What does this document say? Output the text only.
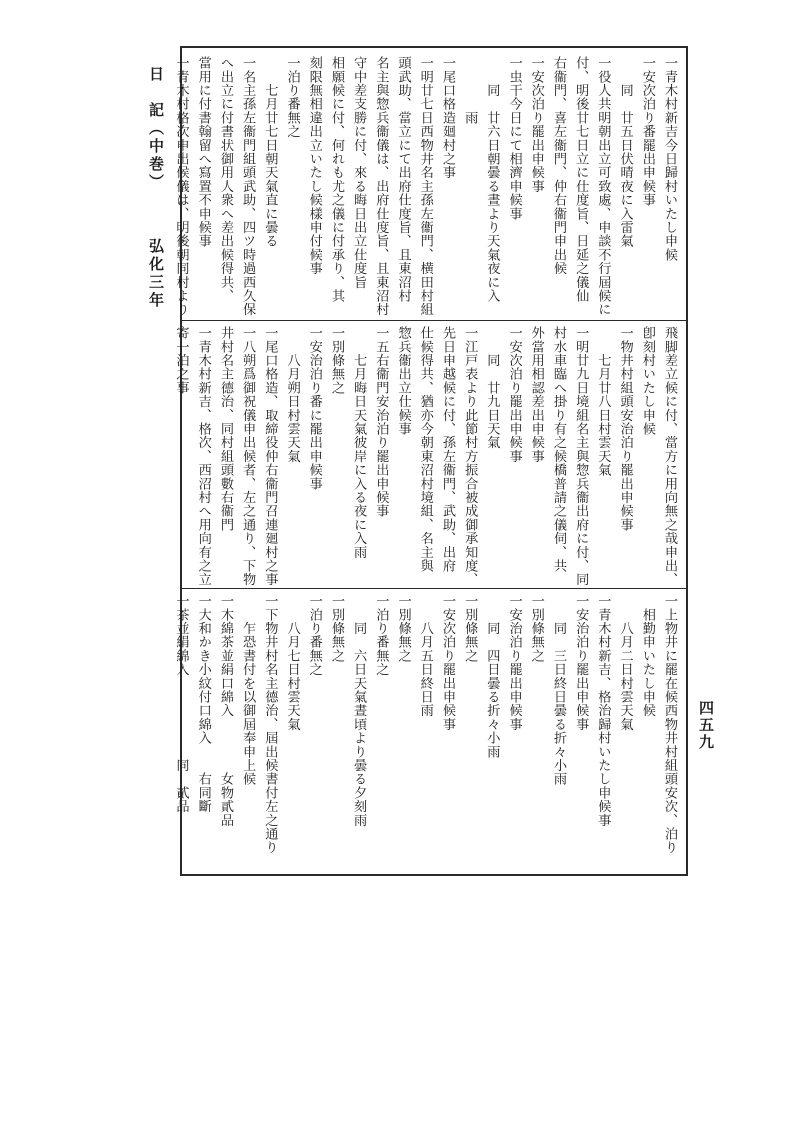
日　記（中巻）  弘化三年
四五九
一青木村新吉今日歸村いたし申候
一安次泊り番罷出申候事
　　同　廿五日伏晴夜に入雷氣
一役人共明朝出立可致處、申談不行屆候に
付、明後廿七日立に仕度旨、日延之儀仙
右衞門、喜左衞門、仲右衞門申出候
一安次泊り罷出申候事
一虫干今日にて相濟申候事
　　同　廿六日朝曇る晝より天氣夜に入
　　　　雨
一尾口格造廻村之事
一明廿七日西物井名主孫左衞門、横田村組
頭武助、當立にて出府仕度旨、且東沼村
名主與惣兵衞儀は、出府仕度旨、且東沼村
守中差支勝に付、來る晦日出立仕度旨
相願候に付、何れも尤之儀に付承り、其
刻限無相違出立いたし候樣申付候事
一泊り番無之
　　七月廿七日朝天氣直に曇る
一名主孫左衞門組頭武助、四ツ時過西久保
へ出立に付書状御用人衆へ差出候得共、
當用に付書翰留へ寫置不申候事
一青木村格次申出候儀は、明後朝同村より
飛脚差立候に付、當方に用向無之哉申出、
卽刻村いたし申候
一物井村組頭安治泊り罷出申候事
　　七月廿八日村雲天氣
一明廿九日境組名主與惣兵衞出府に付、同
村水車臨へ掛り有之候橋普請之儀伺、共
外當用相認差出申候事
一安次泊り罷出申候事
　　同　廿九日天氣
一江戸表より此節村方振合被成御承知度、
先日申越候に付、孫左衞門、武助、出府
仕候得共、猶亦今朝東沼村境組、名主與
惣兵衞出立仕候事
一五右衞門安治泊り罷出申候事
　　七月晦日天氣彼岸に入る夜に入雨
一別條無之
一安治泊り番に罷出申候事
　　八月朔日村雲天氣
一尾口格造、取締役仲右衞門召連廻村之事
一八朔爲御祝儀申出候者、左之通り、下物
井村名主德治、同村組頭數右衞門
一青木村新吉、格次、西沼村へ用向有之立
寄一泊之事
一上物井に罷在候西物井村組頭安次、泊り
　相勤申いたし申候
　　八月二日村雲天氣
一青木村新吉、格治歸村いたし申候事
一安治泊り罷出申候事
　　同　三日終日曇る折々小雨
一別條無之
一安治泊り罷出申候事
　　同　四日曇る折々小雨
一別條無之
一安次泊り罷出申候事
　　八月五日終日雨
一別條無之
一泊り番無之
　　同　六日天氣晝頃より曇る夕刻雨
一別條無之
一泊り番無之
　　八月七日村雲天氣
一下物井村名主德治、屆出候書付左之通り
　　乍恐書付を以御屆奉申上候
一木綿茶並絹口綿入　　　　女物貳品
一大和かき小紋付口綿入　　右同斷
一茶並絹綿入　　　　　　同　貳品
